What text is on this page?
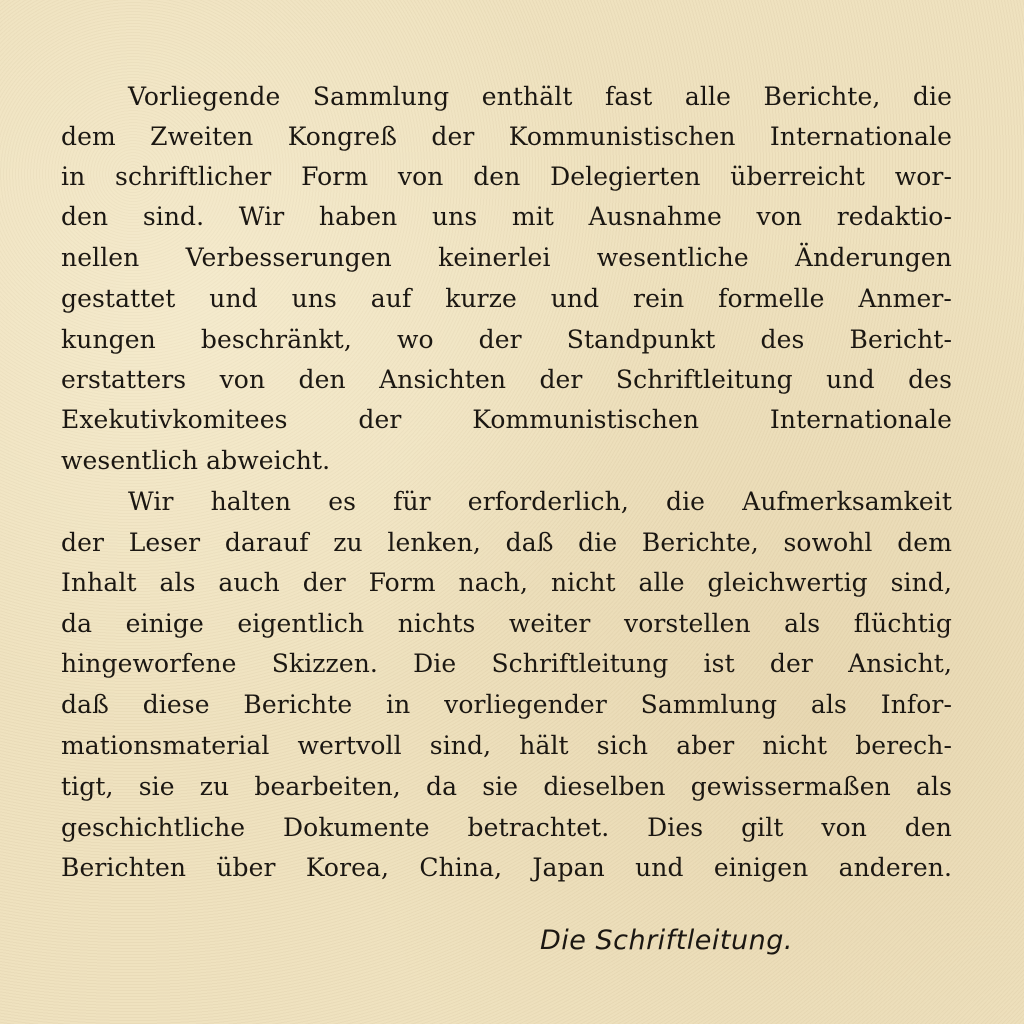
Vorliegende Sammlung enthält fast alle Berichte, die
dem Zweiten Kongreß der Kommunistischen Internationale
in schriftlicher Form von den Delegierten überreicht wor-
den sind. Wir haben uns mit Ausnahme von redaktio-
nellen Verbesserungen keinerlei wesentliche Änderungen
gestattet und uns auf kurze und rein formelle Anmer-
kungen beschränkt, wo der Standpunkt des Bericht-
erstatters von den Ansichten der Schriftleitung und des
Exekutivkomitees der Kommunistischen Internationale
wesentlich abweicht.
Wir halten es für erforderlich, die Aufmerksamkeit
der Leser darauf zu lenken, daß die Berichte, sowohl dem
Inhalt als auch der Form nach, nicht alle gleichwertig sind,
da einige eigentlich nichts weiter vorstellen als flüchtig
hingeworfene Skizzen. Die Schriftleitung ist der Ansicht,
daß diese Berichte in vorliegender Sammlung als Infor-
mationsmaterial wertvoll sind, hält sich aber nicht berech-
tigt, sie zu bearbeiten, da sie dieselben gewissermaßen als
geschichtliche Dokumente betrachtet. Dies gilt von den
Berichten über Korea, China, Japan und einigen anderen.
Die Schriftleitung.
